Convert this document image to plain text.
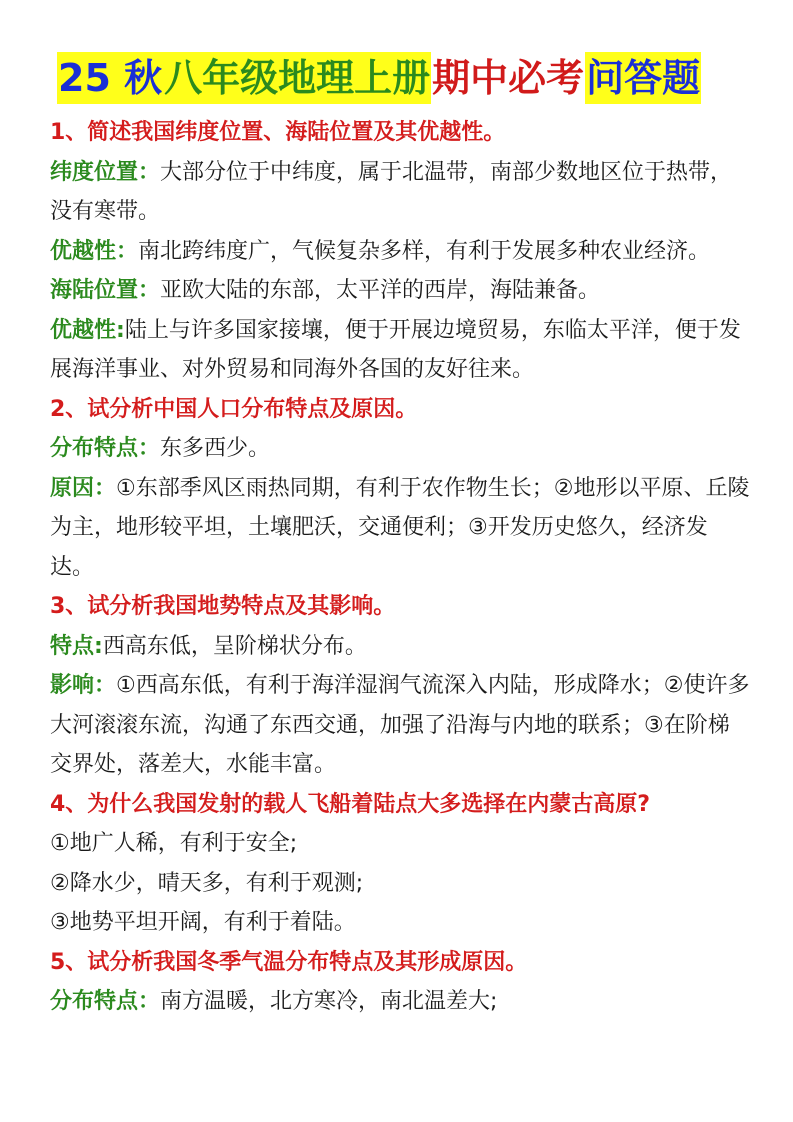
25 秋 八年级地理上册 期中必考 问答题

1、简述我国纬度位置、海陆位置及其优越性。

纬度位置：大部分位于中纬度，属于北温带，南部少数地区位于热带，没有寒带。

优越性：南北跨纬度广，气候复杂多样，有利于发展多种农业经济。

海陆位置：亚欧大陆的东部，太平洋的西岸，海陆兼备。

优越性:陆上与许多国家接壤，便于开展边境贸易，东临太平洋，便于发展海洋事业、对外贸易和同海外各国的友好往来。

2、试分析中国人口分布特点及原因。

分布特点：东多西少。

原因：①东部季风区雨热同期，有利于农作物生长；②地形以平原、丘陵为主，地形较平坦，土壤肥沃，交通便利；③开发历史悠久，经济发达。

3、试分析我国地势特点及其影响。

特点:西高东低，呈阶梯状分布。

影响：①西高东低，有利于海洋湿润气流深入内陆，形成降水；②使许多大河滚滚东流，沟通了东西交通，加强了沿海与内地的联系；③在阶梯交界处，落差大，水能丰富。

4、为什么我国发射的载人飞船着陆点大多选择在内蒙古高原?

①地广人稀，有利于安全;

②降水少，晴天多，有利于观测;

③地势平坦开阔，有利于着陆。

5、试分析我国冬季气温分布特点及其形成原因。

分布特点：南方温暖，北方寒冷，南北温差大;
